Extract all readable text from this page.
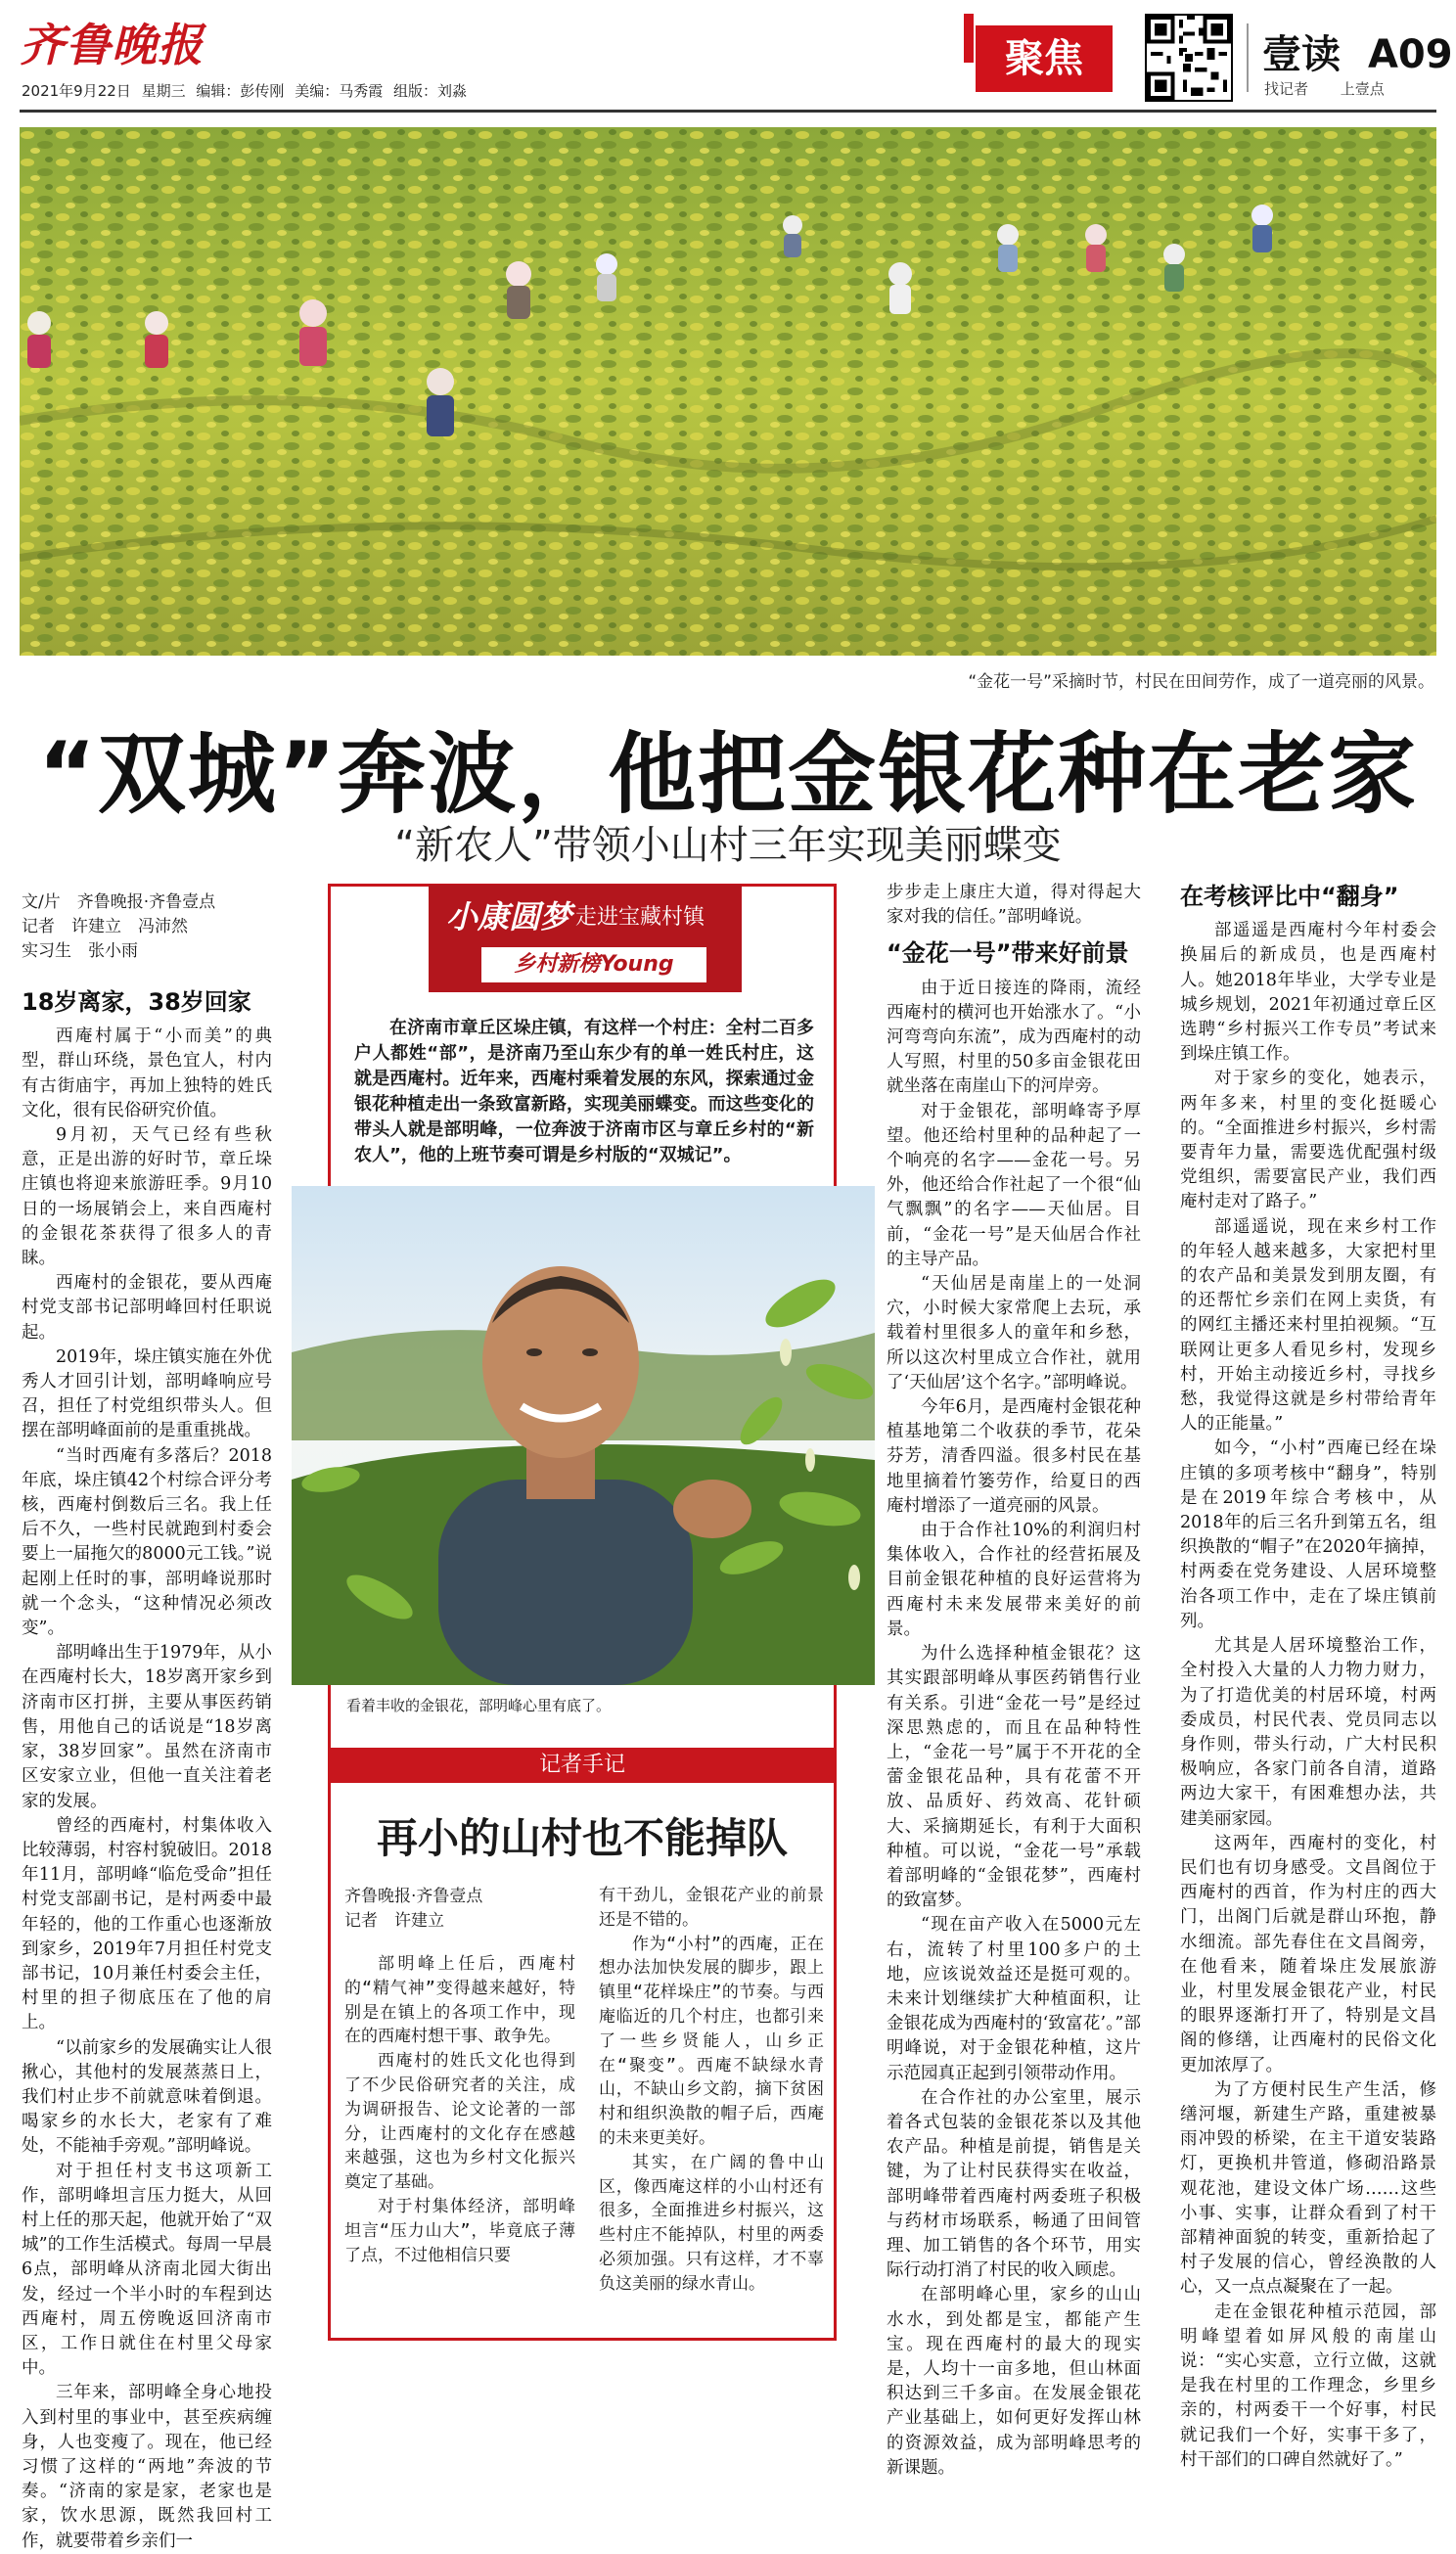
齐鲁晚报
2021年9月22日 星期三 编辑：彭传刚 美编：马秀霞 组版：刘淼
聚焦	壹读 A09
找记者 上壹点
“金花一号”采摘时节，村民在田间劳作，成了一道亮丽的风景。
“双城”奔波，他把金银花种在老家
“新农人”带领小山村三年实现美丽蝶变
文/片　齐鲁晚报·齐鲁壹点
记者　许建立　冯沛然
实习生　张小雨
18岁离家，38岁回家

西庵村属于“小而美”的典型，群山环绕，景色宜人，村内有古街庙宇，再加上独特的姓氏文化，很有民俗研究价值。

9月初，天气已经有些秋意，正是出游的好时节，章丘垛庄镇也将迎来旅游旺季。9月10日的一场展销会上，来自西庵村的金银花茶获得了很多人的青睐。

西庵村的金银花，要从西庵村党支部书记部明峰回村任职说起。

2019年，垛庄镇实施在外优秀人才回引计划，部明峰响应号召，担任了村党组织带头人。但摆在部明峰面前的是重重挑战。

“当时西庵有多落后？2018年底，垛庄镇42个村综合评分考核，西庵村倒数后三名。我上任后不久，一些村民就跑到村委会要上一届拖欠的8000元工钱。”说起刚上任时的事，部明峰说那时就一个念头，“这种情况必须改变”。

部明峰出生于1979年，从小在西庵村长大，18岁离开家乡到济南市区打拼，主要从事医药销售，用他自己的话说是“18岁离家，38岁回家”。虽然在济南市区安家立业，但他一直关注着老家的发展。

曾经的西庵村，村集体收入比较薄弱，村容村貌破旧。2018年11月，部明峰“临危受命”担任村党支部副书记，是村两委中最年轻的，他的工作重心也逐渐放到家乡，2019年7月担任村党支部书记，10月兼任村委会主任，村里的担子彻底压在了他的肩上。

“以前家乡的发展确实让人很揪心，其他村的发展蒸蒸日上，我们村止步不前就意味着倒退。喝家乡的水长大，老家有了难处，不能袖手旁观。”部明峰说。

对于担任村支书这项新工作，部明峰坦言压力挺大，从回村上任的那天起，他就开始了“双城”的工作生活模式。每周一早晨6点，部明峰从济南北园大街出发，经过一个半小时的车程到达西庵村，周五傍晚返回济南市区，工作日就住在村里父母家中。

三年来，部明峰全身心地投入到村里的事业中，甚至疾病缠身，人也变瘦了。现在，他已经习惯了这样的“两地”奔波的节奏。“济南的家是家，老家也是家，饮水思源，既然我回村工作，就要带着乡亲们一

小康圆梦 走进宝藏村镇
乡村新榜Young

在济南市章丘区垛庄镇，有这样一个村庄：全村二百多户人都姓“部”，是济南乃至山东少有的单一姓氏村庄，这就是西庵村。近年来，西庵村乘着发展的东风，探索通过金银花种植走出一条致富新路，实现美丽蝶变。而这些变化的带头人就是部明峰，一位奔波于济南市区与章丘乡村的“新农人”，他的上班节奏可谓是乡村版的“双城记”。

看着丰收的金银花，部明峰心里有底了。
记者手记
再小的山村也不能掉队
齐鲁晚报·齐鲁壹点
记者　许建立

部明峰上任后，西庵村的“精气神”变得越来越好，特别是在镇上的各项工作中，现在的西庵村想干事、敢争先。

西庵村的姓氏文化也得到了不少民俗研究者的关注，成为调研报告、论文论著的一部分，让西庵村的文化存在感越来越强，这也为乡村文化振兴奠定了基础。

对于村集体经济，部明峰坦言“压力山大”，毕竟底子薄了点，不过他相信只要

有干劲儿，金银花产业的前景还是不错的。

作为“小村”的西庵，正在想办法加快发展的脚步，跟上镇里“花样垛庄”的节奏。与西庵临近的几个村庄，也都引来了一些乡贤能人，山乡正在“聚变”。西庵不缺绿水青山，不缺山乡文韵，摘下贫困村和组织涣散的帽子后，西庵的未来更美好。

其实，在广阔的鲁中山区，像西庵这样的小山村还有很多，全面推进乡村振兴，这些村庄不能掉队，村里的两委必须加强。只有这样，才不辜负这美丽的绿水青山。

步步走上康庄大道，得对得起大家对我的信任。”部明峰说。

“金花一号”带来好前景

由于近日接连的降雨，流经西庵村的横河也开始涨水了。“小河弯弯向东流”，成为西庵村的动人写照，村里的50多亩金银花田就坐落在南崖山下的河岸旁。

对于金银花，部明峰寄予厚望。他还给村里种的品种起了一个响亮的名字——金花一号。另外，他还给合作社起了一个很“仙气飘飘”的名字——天仙居。目前，“金花一号”是天仙居合作社的主导产品。

“天仙居是南崖上的一处洞穴，小时候大家常爬上去玩，承载着村里很多人的童年和乡愁，所以这次村里成立合作社，就用了‘天仙居’这个名字。”部明峰说。

今年6月，是西庵村金银花种植基地第二个收获的季节，花朵芬芳，清香四溢。很多村民在基地里摘着竹篓劳作，给夏日的西庵村增添了一道亮丽的风景。

由于合作社10%的利润归村集体收入，合作社的经营拓展及目前金银花种植的良好运营将为西庵村未来发展带来美好的前景。

为什么选择种植金银花？这其实跟部明峰从事医药销售行业有关系。引进“金花一号”是经过深思熟虑的，而且在品种特性上，“金花一号”属于不开花的全蕾金银花品种，具有花蕾不开放、品质好、药效高、花针硕大、采摘期延长，有利于大面积种植。可以说，“金花一号”承载着部明峰的“金银花梦”，西庵村的致富梦。

“现在亩产收入在5000元左右，流转了村里100多户的土地，应该说效益还是挺可观的。未来计划继续扩大种植面积，让金银花成为西庵村的‘致富花’。”部明峰说，对于金银花种植，这片示范园真正起到引领带动作用。

在合作社的办公室里，展示着各式包装的金银花茶以及其他农产品。种植是前提，销售是关键，为了让村民获得实在收益，部明峰带着西庵村两委班子积极与药材市场联系，畅通了田间管理、加工销售的各个环节，用实际行动打消了村民的收入顾虑。

在部明峰心里，家乡的山山水水，到处都是宝，都能产生宝。现在西庵村的最大的现实是，人均十一亩多地，但山林面积达到三千多亩。在发展金银花产业基础上，如何更好发挥山林的资源效益，成为部明峰思考的新课题。

在考核评比中“翻身”

部遥遥是西庵村今年村委会换届后的新成员，也是西庵村人。她2018年毕业，大学专业是城乡规划，2021年初通过章丘区选聘“乡村振兴工作专员”考试来到垛庄镇工作。

对于家乡的变化，她表示，两年多来，村里的变化挺暖心的。“全面推进乡村振兴，乡村需要青年力量，需要选优配强村级党组织，需要富民产业，我们西庵村走对了路子。”

部遥遥说，现在来乡村工作的年轻人越来越多，大家把村里的农产品和美景发到朋友圈，有的还帮忙乡亲们在网上卖货，有的网红主播还来村里拍视频。“互联网让更多人看见乡村，发现乡村，开始主动接近乡村，寻找乡愁，我觉得这就是乡村带给青年人的正能量。”

如今，“小村”西庵已经在垛庄镇的多项考核中“翻身”，特别是在2019年综合考核中，从2018年的后三名升到第五名，组织换散的“帽子”在2020年摘掉，村两委在党务建设、人居环境整治各项工作中，走在了垛庄镇前列。

尤其是人居环境整治工作，全村投入大量的人力物力财力，为了打造优美的村居环境，村两委成员，村民代表、党员同志以身作则，带头行动，广大村民积极响应，各家门前各自清，道路两边大家干，有困难想办法，共建美丽家园。

这两年，西庵村的变化，村民们也有切身感受。文昌阁位于西庵村的西首，作为村庄的西大门，出阁门后就是群山环抱，静水细流。部先春住在文昌阁旁，在他看来，随着垛庄发展旅游业，村里发展金银花产业，村民的眼界逐渐打开了，特别是文昌阁的修缮，让西庵村的民俗文化更加浓厚了。

为了方便村民生产生活，修缮河堰，新建生产路，重建被暴雨冲毁的桥梁，在主干道安装路灯，更换机井管道，修砌沿路景观花池，建设文体广场……这些小事、实事，让群众看到了村干部精神面貌的转变，重新拾起了村子发展的信心，曾经涣散的人心，又一点点凝聚在了一起。

走在金银花种植示范园，部明峰望着如屏风般的南崖山说：“实心实意，立行立做，这就是我在村里的工作理念，乡里乡亲的，村两委干一个好事，村民就记我们一个好，实事干多了，村干部们的口碑自然就好了。”
